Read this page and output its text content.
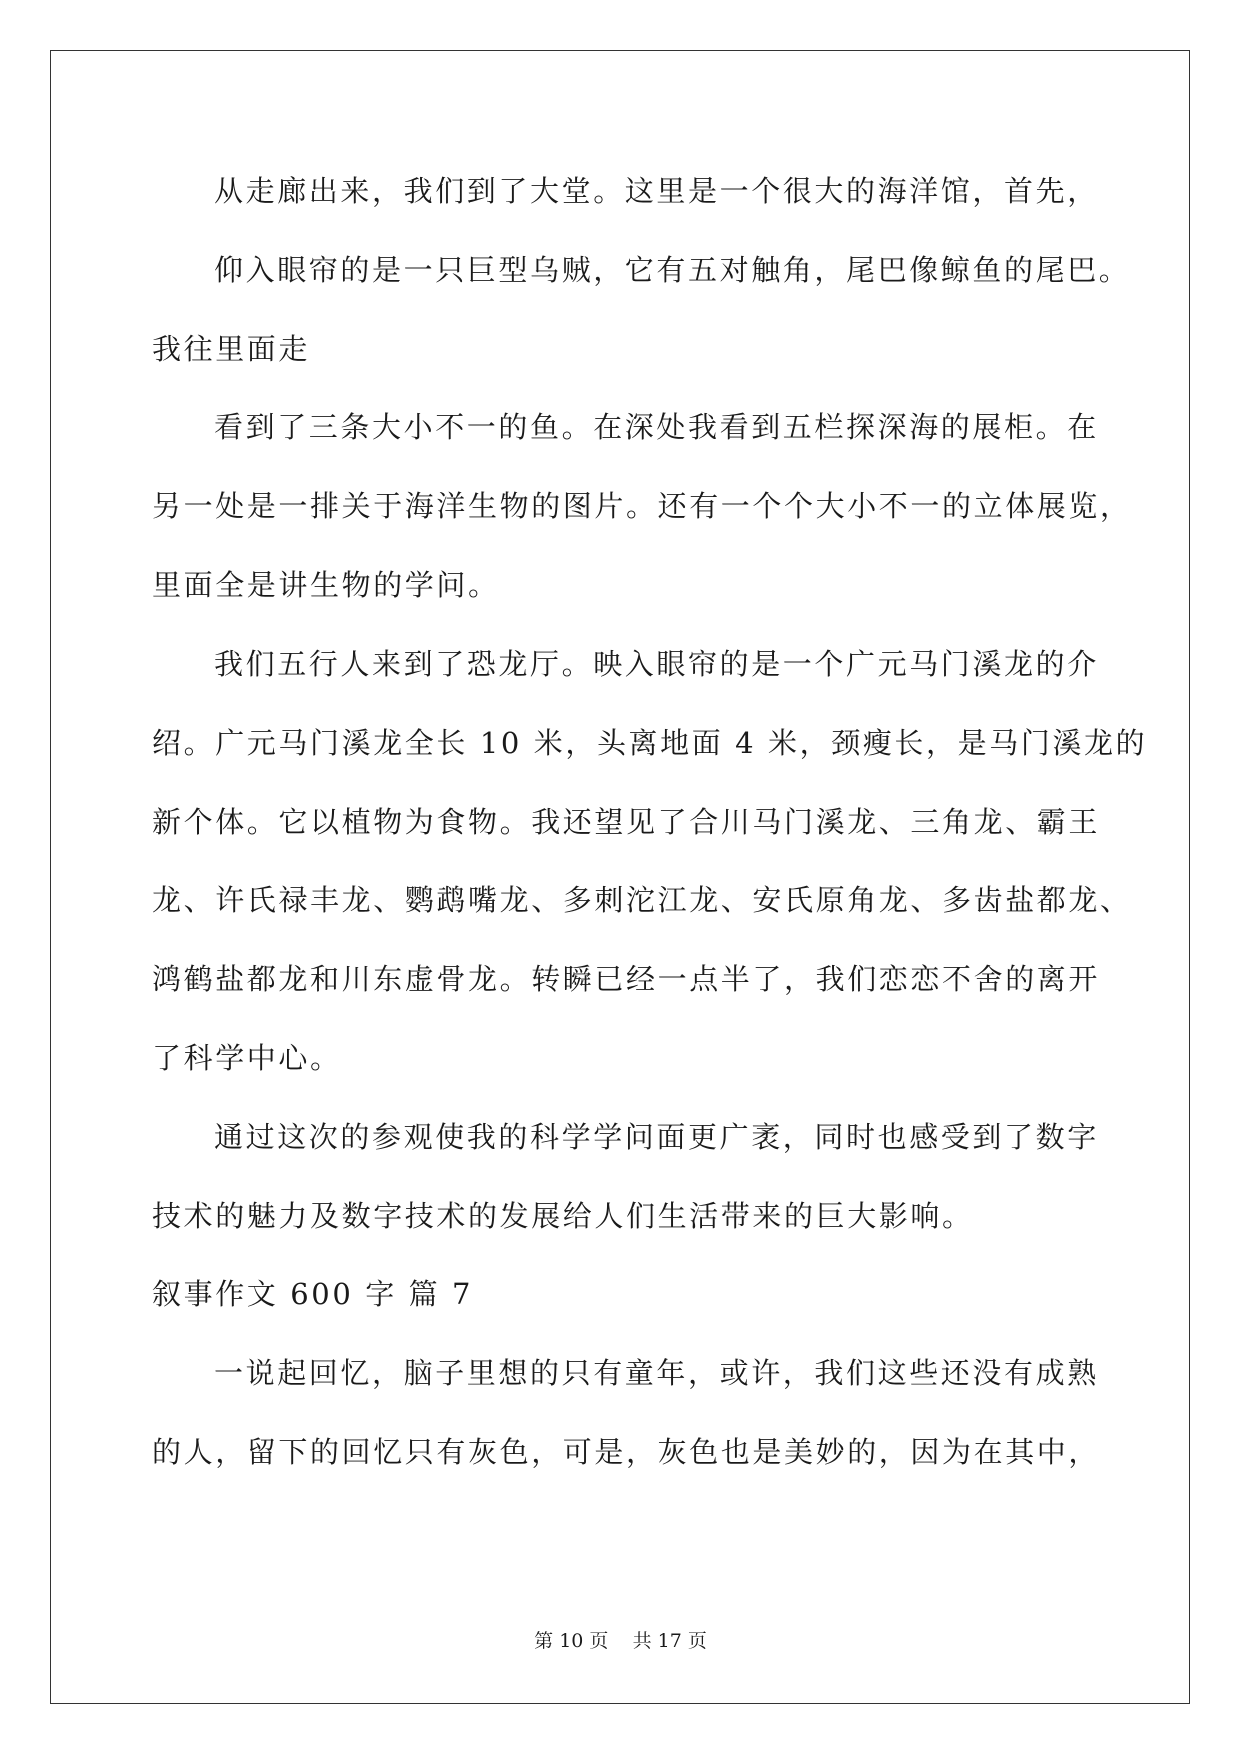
从走廊出来，我们到了大堂。这里是一个很大的海洋馆，首先，
仰入眼帘的是一只巨型乌贼，它有五对触角，尾巴像鲸鱼的尾巴。
我往里面走
看到了三条大小不一的鱼。在深处我看到五栏探深海的展柜。在
另一处是一排关于海洋生物的图片。还有一个个大小不一的立体展览，
里面全是讲生物的学问。
我们五行人来到了恐龙厅。映入眼帘的是一个广元马门溪龙的介
绍。广元马门溪龙全长 10 米，头离地面 4 米，颈瘦长，是马门溪龙的
新个体。它以植物为食物。我还望见了合川马门溪龙、三角龙、霸王
龙、许氏禄丰龙、鹦鹉嘴龙、多刺沱江龙、安氏原角龙、多齿盐都龙、
鸿鹤盐都龙和川东虚骨龙。转瞬已经一点半了，我们恋恋不舍的离开
了科学中心。
通过这次的参观使我的科学学问面更广袤，同时也感受到了数字
技术的魅力及数字技术的发展给人们生活带来的巨大影响。
叙事作文 600 字 篇 7
一说起回忆，脑子里想的只有童年，或许，我们这些还没有成熟
的人，留下的回忆只有灰色，可是，灰色也是美妙的，因为在其中，
第 10 页    共 17 页
